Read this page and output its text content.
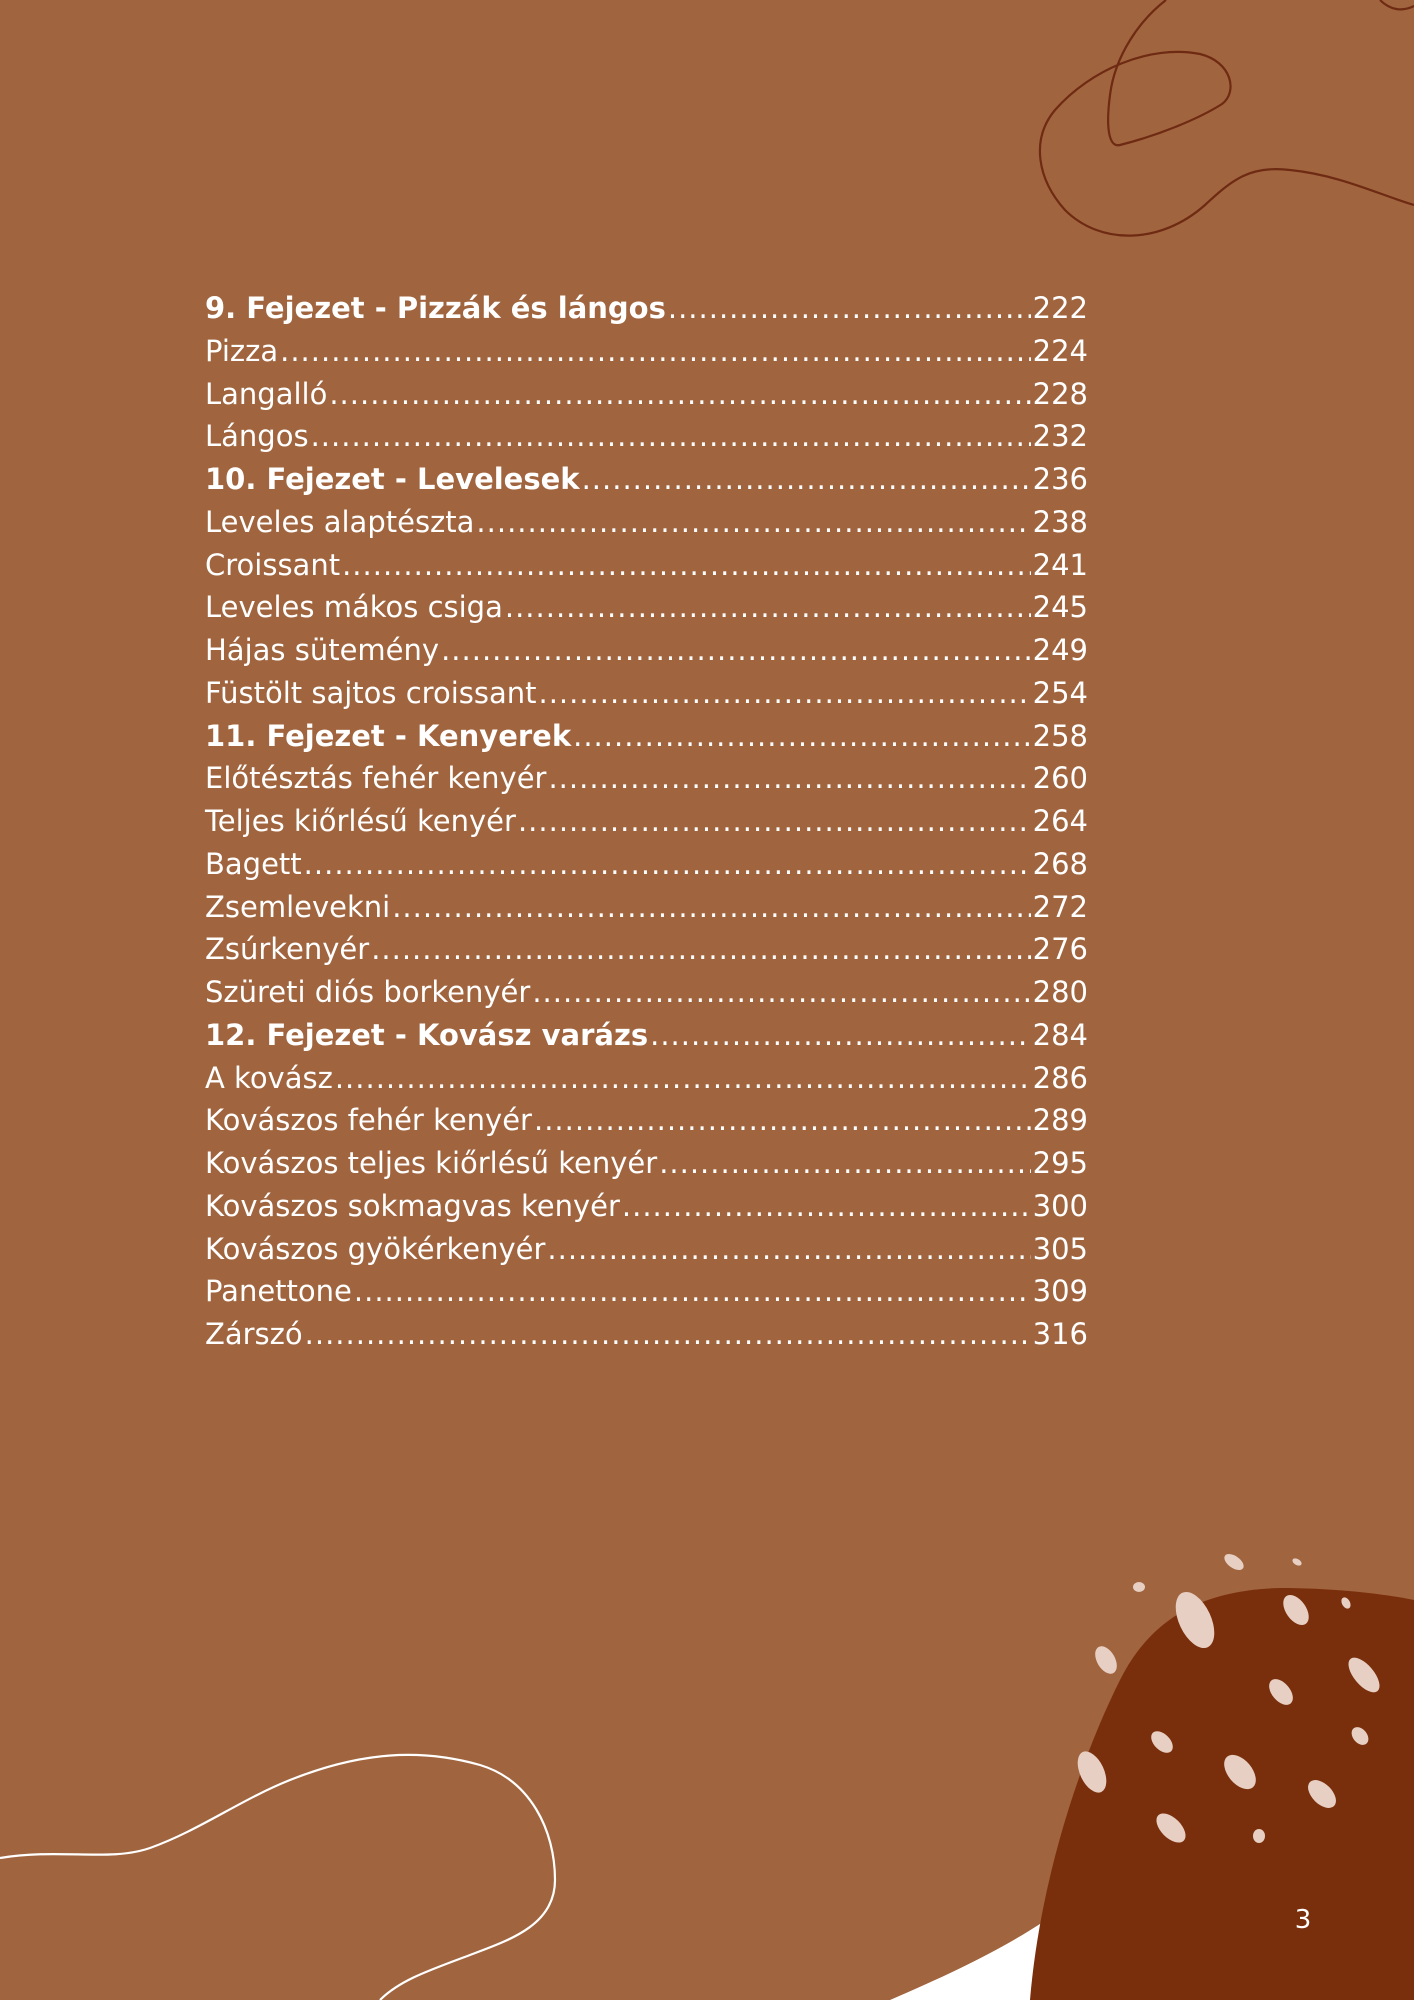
9. Fejezet - Pizzák és lángos .....	222
Pizza .....	224
Langalló .....	228
Lángos .....	232
10. Fejezet - Levelesek .....	236
Leveles alaptészta .....	238
Croissant .....	241
Leveles mákos csiga .....	245
Hájas sütemény .....	249
Füstölt sajtos croissant .....	254
11. Fejezet - Kenyerek .....	258
Előtésztás fehér kenyér .....	260
Teljes kiőrlésű kenyér .....	264
Bagett .....	268
Zsemlevekni .....	272
Zsúrkenyér .....	276
Szüreti diós borkenyér .....	280
12. Fejezet - Kovász varázs .....	284
A kovász .....	286
Kovászos fehér kenyér .....	289
Kovászos teljes kiőrlésű kenyér .....	295
Kovászos sokmagvas kenyér .....	300
Kovászos gyökérkenyér .....	305
Panettone .....	309
Zárszó .....	316
3
